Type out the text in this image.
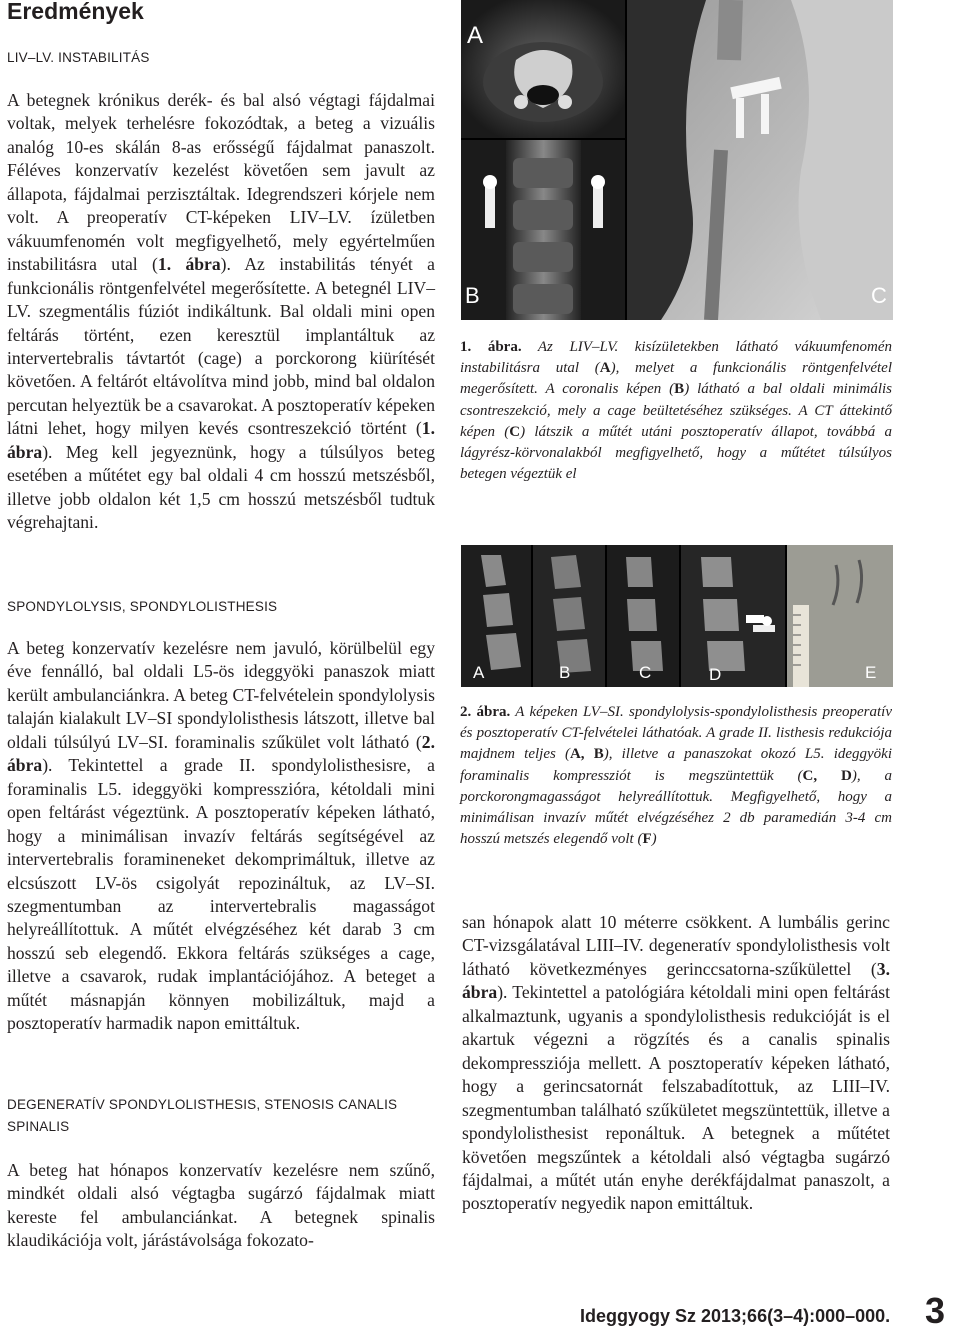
Eredmények
LIV–LV. INSTABILITÁS

A betegnek krónikus derék- és bal alsó végtagi fájdalmai voltak, melyek terhelésre fokozódtak, a beteg a vizuális analóg 10-es skálán 8-as erősségű fájdalmat panaszolt. Féléves konzervatív kezelést követően sem javult az állapota, fájdalmai perzisztáltak. Idegrendszeri kórjele nem volt. A preoperatív CT-képeken LIV–LV. ízületben vákuumfenomén volt megfigyelhető, mely egyértelműen instabilitásra utal (1. ábra). Az instabilitás tényét a funkcionális röntgenfelvétel megerősítette. A betegnél LIV–LV. szegmentális fúziót indikáltunk. Bal oldali mini open feltárás történt, ezen keresztül implantáltuk az intervertebralis távtartót (cage) a porckorong kiürítését követően. A feltárót eltávolítva mind jobb, mind bal oldalon percutan helyeztük be a csavarokat. A posztoperatív képeken látni lehet, hogy milyen kevés csontreszekció történt (1. ábra). Meg kell jegyeznünk, hogy a túlsúlyos beteg esetében a műtétet egy bal oldali 4 cm hosszú metszésből, illetve jobb oldalon két 1,5 cm hosszú metszésből tudtuk végrehajtani.

SPONDYLOLYSIS, SPONDYLOLISTHESIS

A beteg konzervatív kezelésre nem javuló, körülbelül egy éve fennálló, bal oldali L5-ös ideggyöki panaszok miatt került ambulanciánkra. A beteg CT-felvételein spondylolysis talaján kialakult LV–SI spondylolisthesis látszott, illetve bal oldali túlsúlyú LV–SI. foraminalis szűkület volt látható (2. ábra). Tekintettel a grade II. spondylolisthesisre, a foraminalis L5. ideggyöki kompresszióra, kétoldali mini open feltárást végeztünk. A posztoperatív képeken látható, hogy a minimálisan invazív feltárás segítségével az intervertebralis foramineneket dekomprimáltuk, illetve az elcsúszott LV-ös csigolyát repozináltuk, az LV–SI. szegmentumban az intervertebralis magasságot helyreállítottuk. A műtét elvégzéséhez két darab 3 cm hosszú seb elegendő. Ekkora feltárás szükséges a cage, illetve a csavarok, rudak implantációjához. A beteget a műtét másnapján könnyen mobilizáltuk, majd a posztoperatív harmadik napon emittáltuk.

DEGENERATÍV SPONDYLOLISTHESIS, STENOSIS CANALIS SPINALIS

A beteg hat hónapos konzervatív kezelésre nem szűnő, mindkét oldali alsó végtagba sugárzó fájdalmak miatt kereste fel ambulanciánkat. A betegnek spinalis klaudikációja volt, járástávolsága fokozato-

A
B	C

1. ábra. Az LIV–LV. kisízületekben látható vákuumfenomén instabilitásra utal (A), melyet a funkcionális röntgenfelvétel megerősített. A coronalis képen (B) látható a bal oldali minimális csontreszekció, mely a cage beültetéséhez szükséges. A CT áttekintő képen (C) látszik a műtét utáni posztoperatív állapot, továbbá a lágyrész-körvonalakból megfigyelhető, hogy a műtétet túlsúlyos betegen végeztük el

A	B	C	D	E

2. ábra. A képeken LV–SI. spondylolysis-spondylolisthesis preoperatív és posztoperatív CT-felvételei láthatóak. A grade II. listhesis redukciója majdnem teljes (A, B), illetve a panaszokat okozó L5. ideggyöki foraminalis kompressziót is megszüntettük (C, D), a porckorongmagasságot helyreállítottuk. Megfigyelhető, hogy a minimálisan invazív műtét elvégzéséhez 2 db paramedián 3-4 cm hosszú metszés elegendő volt (F)

san hónapok alatt 10 méterre csökkent. A lumbális gerinc CT-vizsgálatával LIII–IV. degeneratív spondylolisthesis volt látható következményes gerinccsatorna-szűkülettel (3. ábra). Tekintettel a patológiára kétoldali mini open feltárást alkalmaztunk, ugyanis a spondylolisthesis redukcióját is el akartuk végezni a rögzítés és a canalis spinalis dekompressziója mellett. A posztoperatív képeken látható, hogy a gerincsatornát felszabadítottuk, az LIII–IV. szegmentumban található szűkületet megszüntettük, illetve a spondylolisthesist reponáltuk. A betegnek a műtétet követően megszűntek a kétoldali alsó végtagba sugárzó fájdalmai, a műtét után enyhe derékfájdalmat panaszolt, a posztoperatív negyedik napon emittáltuk.

Ideggyogy Sz 2013;66(3–4):000–000. 3
